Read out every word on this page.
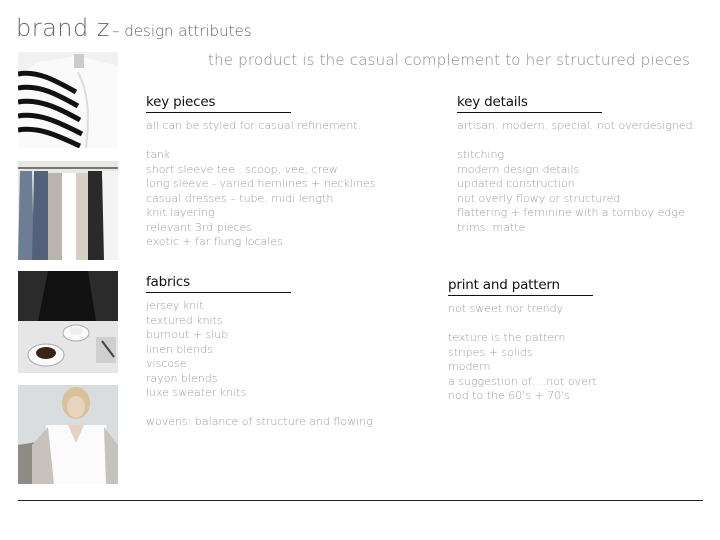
brand z – design attributes
the product is the casual complement to her structured pieces
key pieces
all can be styled for casual refinement.
tank
short sleeve tee : scoop, vee, crew
long sleeve - varied hemlines + necklines
casual dresses – tube, midi length
knit layering
relevant 3rd pieces
exotic + far flung locales
key details
artisan. modern. special. not overdesigned.
stitching
modern design details
updated construction
not overly flowy or structured
flattering + feminine with a tomboy edge
trims: matte
fabrics
jersey knit
textured knits
burnout + slub
linen blends
viscose
rayon blends
luxe sweater knits
wovens: balance of structure and flowing
print and pattern
not sweet nor trendy
texture is the pattern
stripes + solids
modern
a suggestion of….not overt
nod to the 60's + 70's
